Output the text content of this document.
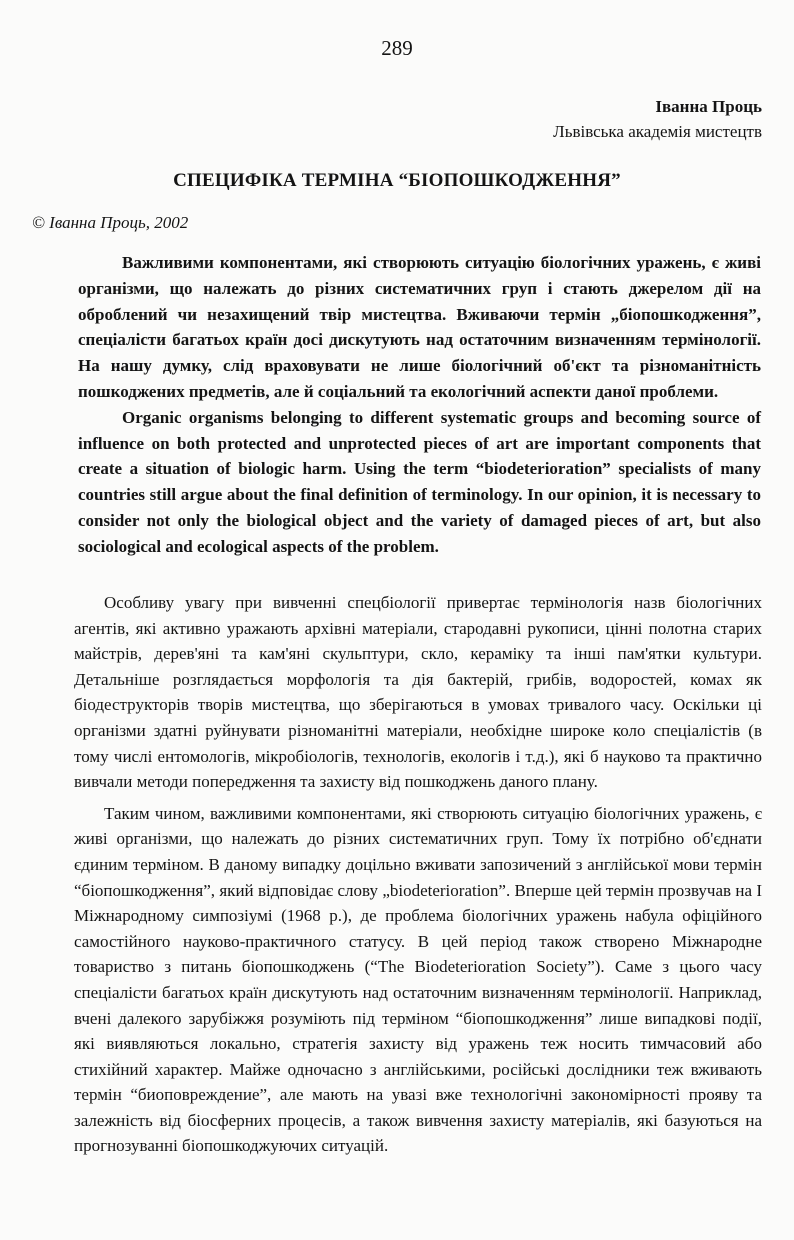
289
Іванна Проць
Львівська академія мистецтв
СПЕЦИФІКА ТЕРМІНА “БІОПОШКОДЖЕННЯ”
© Іванна Проць, 2002

Важливими компонентами, які створюють ситуацію біологічних уражень, є живі організми, що належать до різних систематичних груп і стають джерелом дії на оброблений чи незахищений твір мистецтва. Вживаючи термін „біопошкодження”, спеціалісти багатьох країн досі дискутують над остаточним визначенням термінології. На нашу думку, слід враховувати не лише біологічний об'єкт та різноманітність пошкоджених предметів, але й соціальний та екологічний аспекти даної проблеми.

Organic organisms belonging to different systematic groups and becoming source of influence on both protected and unprotected pieces of art are important components that create a situation of biologic harm. Using the term “biodeterioration” specialists of many countries still argue about the final definition of terminology. In our opinion, it is necessary to consider not only the biological object and the variety of damaged pieces of art, but also sociological and ecological aspects of the problem.

Особливу увагу при вивченні спецбіології привертає термінологія назв біологічних агентів, які активно уражають архівні матеріали, стародавні рукописи, цінні полотна старих майстрів, дерев'яні та кам'яні скульптури, скло, кераміку та інші пам'ятки культури. Детальніше розглядається морфологія та дія бактерій, грибів, водоростей, комах як біодеструкторів творів мистецтва, що зберігаються в умовах тривалого часу. Оскільки ці організми здатні руйнувати різноманітні матеріали, необхідне широке коло спеціалістів (в тому числі ентомологів, мікробіологів, технологів, екологів і т.д.), які б науково та практично вивчали методи попередження та захисту від пошкоджень даного плану.

Таким чином, важливими компонентами, які створюють ситуацію біологічних уражень, є живі організми, що належать до різних систематичних груп. Тому їх потрібно об'єднати єдиним терміном. В даному випадку доцільно вживати запозичений з англійської мови термін “біопошкодження”, який відповідає слову „biodeterioration”. Вперше цей термін прозвучав на І Міжнародному симпозіумі (1968 р.), де проблема біологічних уражень набула офіційного самостійного науково-практичного статусу. В цей період також створено Міжнародне товариство з питань біопошкоджень (“The Biodeterioration Society”). Саме з цього часу спеціалісти багатьох країн дискутують над остаточним визначенням термінології. Наприклад, вчені далекого зарубіжжя розуміють під терміном “біопошкодження” лише випадкові події, які виявляються локально, стратегія захисту від уражень теж носить тимчасовий або стихійний характер. Майже одночасно з англійськими, російські дослідники теж вживають термін “биоповреждение”, але мають на увазі вже технологічні закономірності прояву та залежність від біосферних процесів, а також вивчення захисту матеріалів, які базуються на прогнозуванні біопошкоджуючих ситуацій.
